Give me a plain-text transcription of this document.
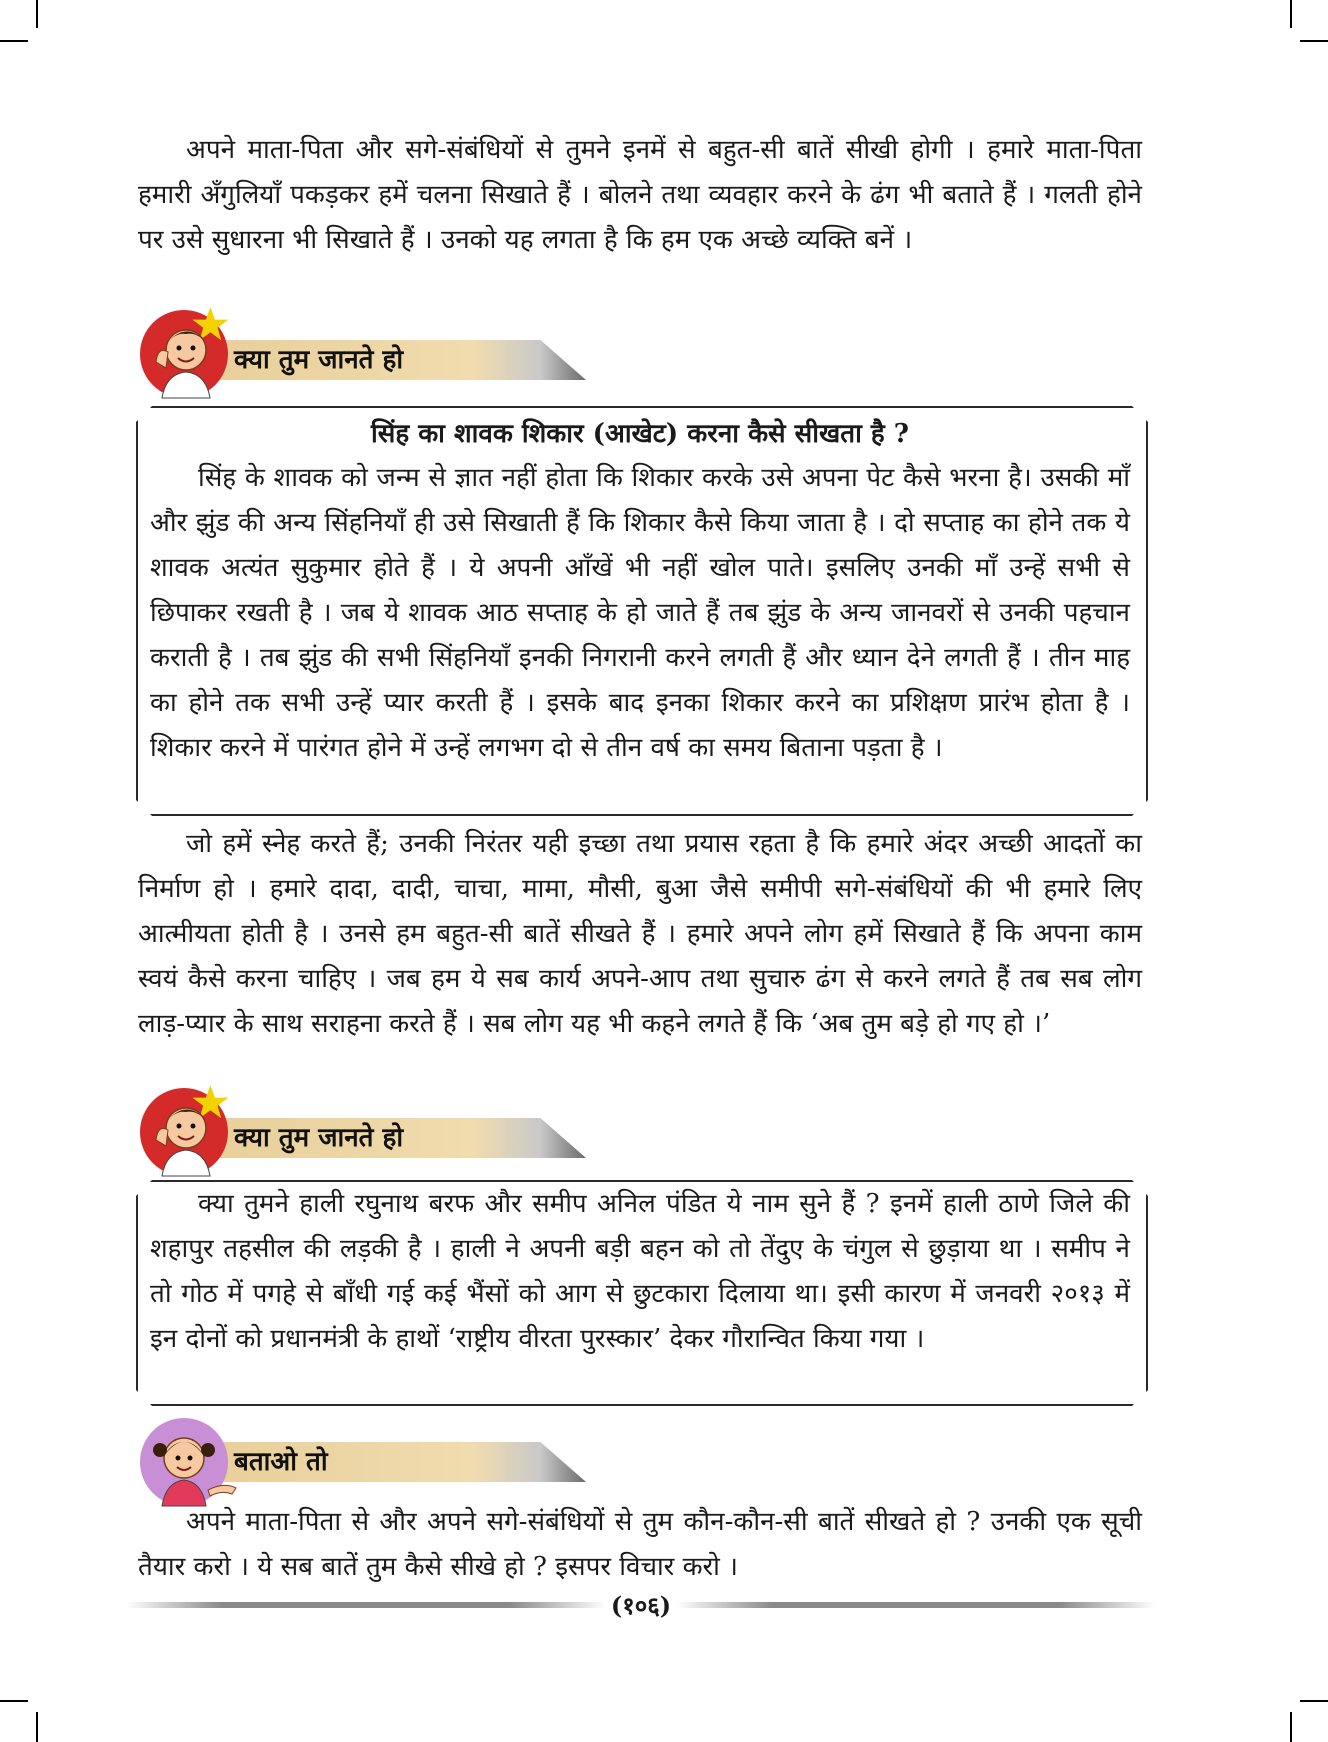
अपने माता-पिता और सगे-संबंधियों से तुमने इनमें से बहुत-सी बातें सीखी होगी । हमारे माता-पिता हमारी अँगुलियाँ पकड़कर हमें चलना सिखाते हैं । बोलने तथा व्यवहार करने के ढंग भी बताते हैं । गलती होने पर उसे सुधारना भी सिखाते हैं । उनको यह लगता है कि हम एक अच्छे व्यक्ति बनें ।

क्या तुम जानते हो

सिंह का शावक शिकार (आखेट) करना कैसे सीखता है ?

सिंह के शावक को जन्म से ज्ञात नहीं होता कि शिकार करके उसे अपना पेट कैसे भरना है। उसकी माँ और झुंड की अन्य सिंहनियाँ ही उसे सिखाती हैं कि शिकार कैसे किया जाता है । दो सप्ताह का होने तक ये शावक अत्यंत सुकुमार होते हैं । ये अपनी आँखें भी नहीं खोल पाते। इसलिए उनकी माँ उन्हें सभी से छिपाकर रखती है । जब ये शावक आठ सप्ताह के हो जाते हैं तब झुंड के अन्य जानवरों से उनकी पहचान कराती है । तब झुंड की सभी सिंहनियाँ इनकी निगरानी करने लगती हैं और ध्यान देने लगती हैं । तीन माह का होने तक सभी उन्हें प्यार करती हैं । इसके बाद इनका शिकार करने का प्रशिक्षण प्रारंभ होता है । शिकार करने में पारंगत होने में उन्हें लगभग दो से तीन वर्ष का समय बिताना पड़ता है ।

जो हमें स्नेह करते हैं; उनकी निरंतर यही इच्छा तथा प्रयास रहता है कि हमारे अंदर अच्छी आदतों का निर्माण हो । हमारे दादा, दादी, चाचा, मामा, मौसी, बुआ जैसे समीपी सगे-संबंधियों की भी हमारे लिए आत्मीयता होती है । उनसे हम बहुत-सी बातें सीखते हैं । हमारे अपने लोग हमें सिखाते हैं कि अपना काम स्वयं कैसे करना चाहिए । जब हम ये सब कार्य अपने-आप तथा सुचारु ढंग से करने लगते हैं तब सब लोग लाड़-प्यार के साथ सराहना करते हैं । सब लोग यह भी कहने लगते हैं कि ‘अब तुम बड़े हो गए हो ।’

क्या तुम जानते हो

क्या तुमने हाली रघुनाथ बरफ और समीप अनिल पंडित ये नाम सुने हैं ? इनमें हाली ठाणे जिले की शहापुर तहसील की लड़की है । हाली ने अपनी बड़ी बहन को तो तेंदुए के चंगुल से छुड़ाया था । समीप ने तो गोठ में पगहे से बाँधी गई कई भैंसों को आग से छुटकारा दिलाया था। इसी कारण में जनवरी २०१३ में इन दोनों को प्रधानमंत्री के हाथों ‘राष्ट्रीय वीरता पुरस्कार’ देकर गौरान्वित किया गया ।

बताओ तो

अपने माता-पिता से और अपने सगे-संबंधियों से तुम कौन-कौन-सी बातें सीखते हो ? उनकी एक सूची तैयार करो । ये सब बातें तुम कैसे सीखे हो ? इसपर विचार करो ।

(१०६)
